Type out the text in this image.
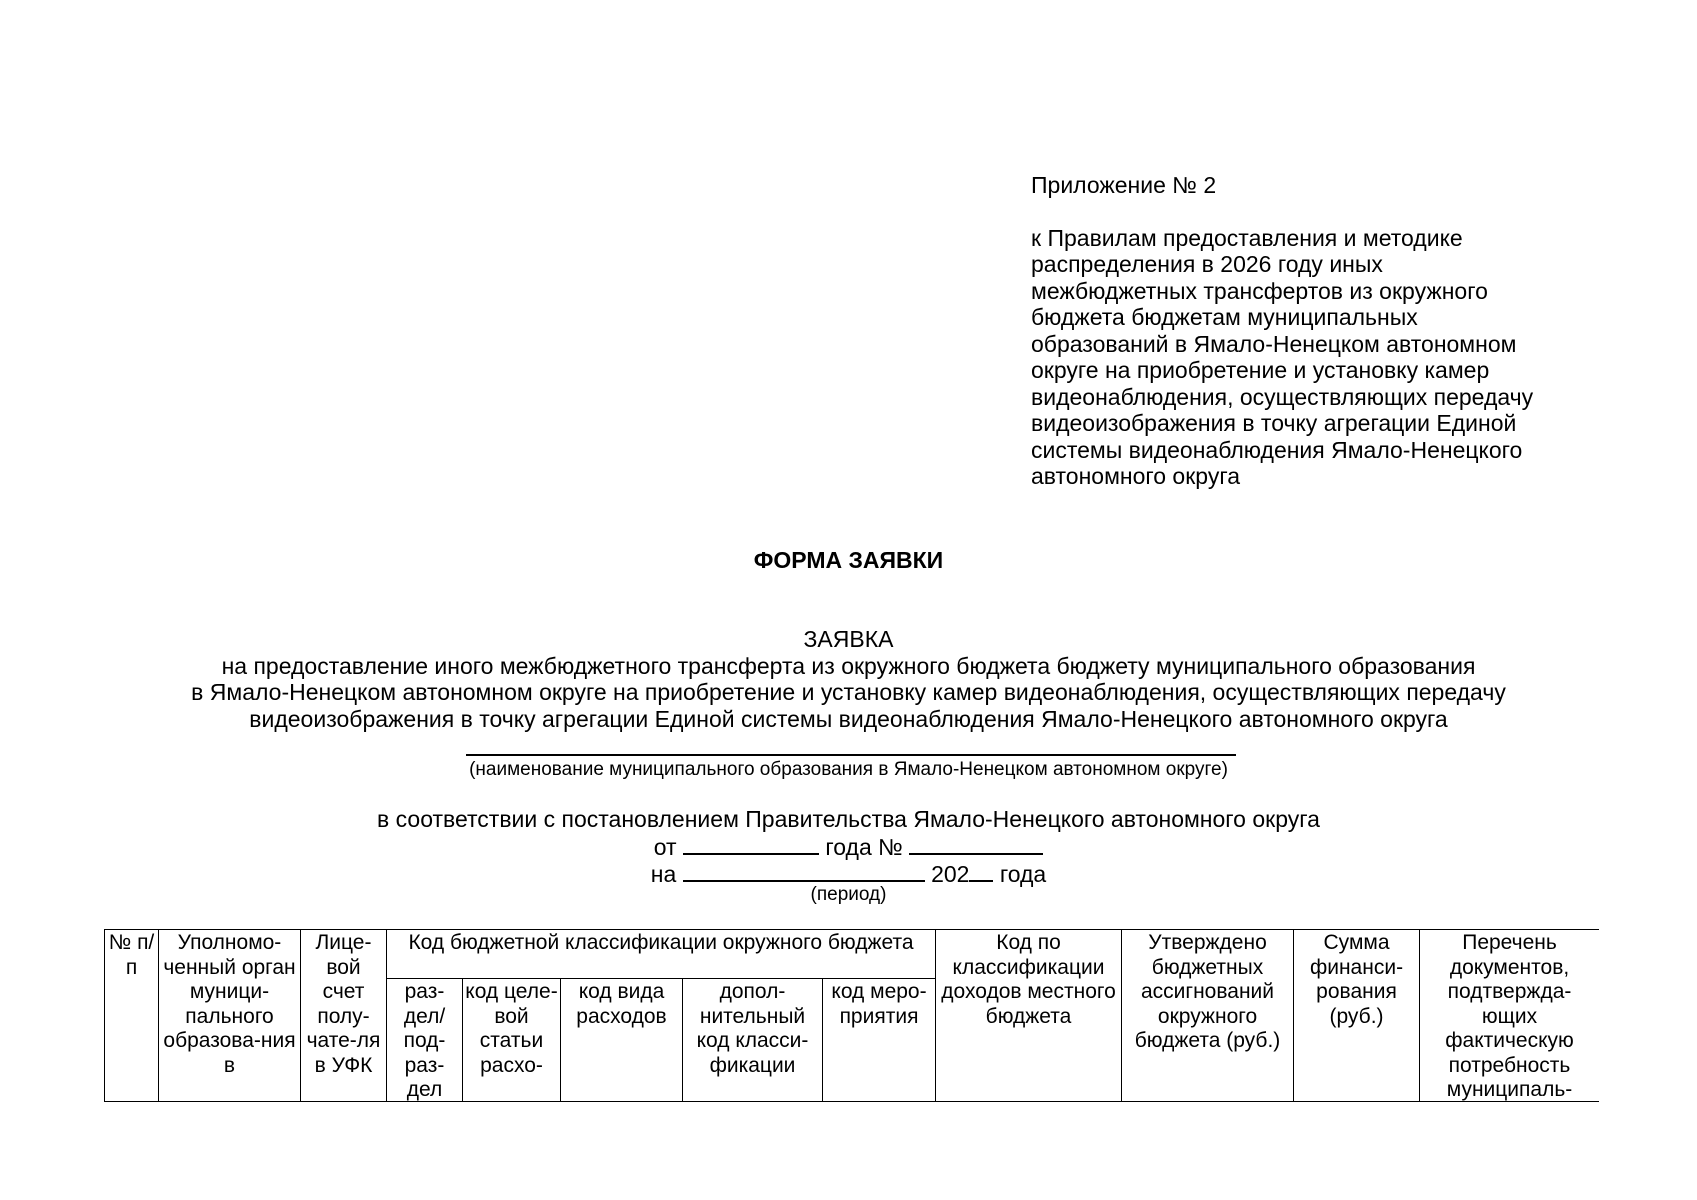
Приложение № 2
к Правилам предоставления и методике
распределения в 2026 году иных
межбюджетных трансфертов из окружного
бюджета бюджетам муниципальных
образований в Ямало-Ненецком автономном
округе на приобретение и установку камер
видеонаблюдения, осуществляющих передачу
видеоизображения в точку агрегации Единой
системы видеонаблюдения Ямало-Ненецкого
автономного округа
ФОРМА ЗАЯВКИ
ЗАЯВКА
на предоставление иного межбюджетного трансферта из окружного бюджета бюджету муниципального образования
в Ямало-Ненецком автономном округе на приобретение и установку камер видеонаблюдения, осуществляющих передачу
видеоизображения в точку агрегации Единой системы видеонаблюдения Ямало-Ненецкого автономного округа
(наименование муниципального образования в Ямало-Ненецком автономном округе)
в соответствии с постановлением Правительства Ямало-Ненецкого автономного округа
от	года №
на	202 года
(период)
№ п/п	Уполномо-ченный орган муници-пального образова-ния в	Лице-вой счет полу-чате-ля в УФК	Код бюджетной классификации окружного бюджета					Код по классификации доходов местного бюджета	Утверждено бюджетных ассигнований окружного бюджета (руб.)	Сумма финанси-рования (руб.)	Перечень документов, подтвержда-ющих фактическую потребность муниципаль-
			раз-дел/ под-раз-дел	код целе-вой статьи расхо-	код вида расходов	допол-нительный код класси-фикации	код меро-приятия				
